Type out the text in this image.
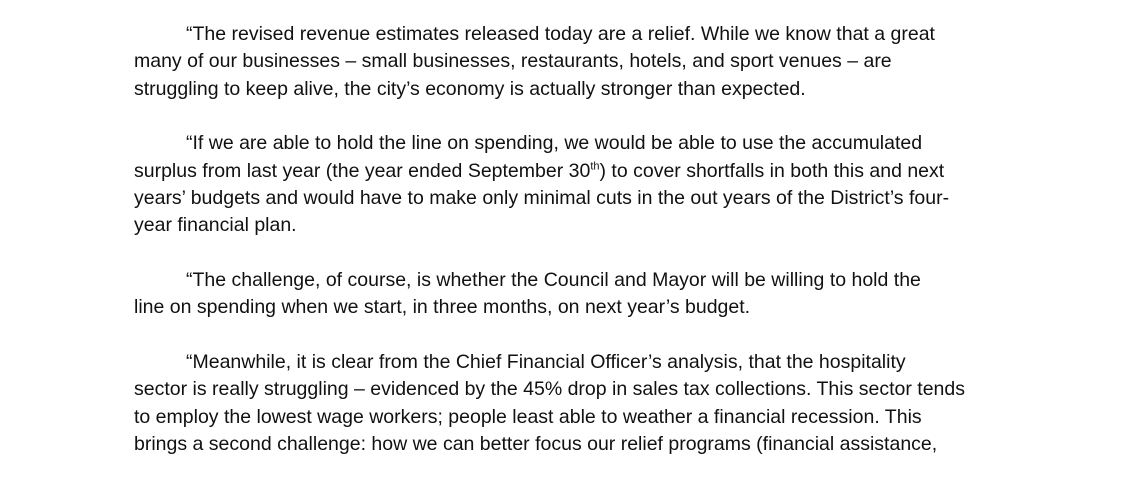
“The revised revenue estimates released today are a relief. While we know that a great
many of our businesses – small businesses, restaurants, hotels, and sport venues – are
struggling to keep alive, the city’s economy is actually stronger than expected.

“If we are able to hold the line on spending, we would be able to use the accumulated
surplus from last year (the year ended September 30th) to cover shortfalls in both this and next
years’ budgets and would have to make only minimal cuts in the out years of the District’s four-
year financial plan.

“The challenge, of course, is whether the Council and Mayor will be willing to hold the
line on spending when we start, in three months, on next year’s budget.

“Meanwhile, it is clear from the Chief Financial Officer’s analysis, that the hospitality
sector is really struggling – evidenced by the 45% drop in sales tax collections. This sector tends
to employ the lowest wage workers; people least able to weather a financial recession. This
brings a second challenge: how we can better focus our relief programs (financial assistance,
